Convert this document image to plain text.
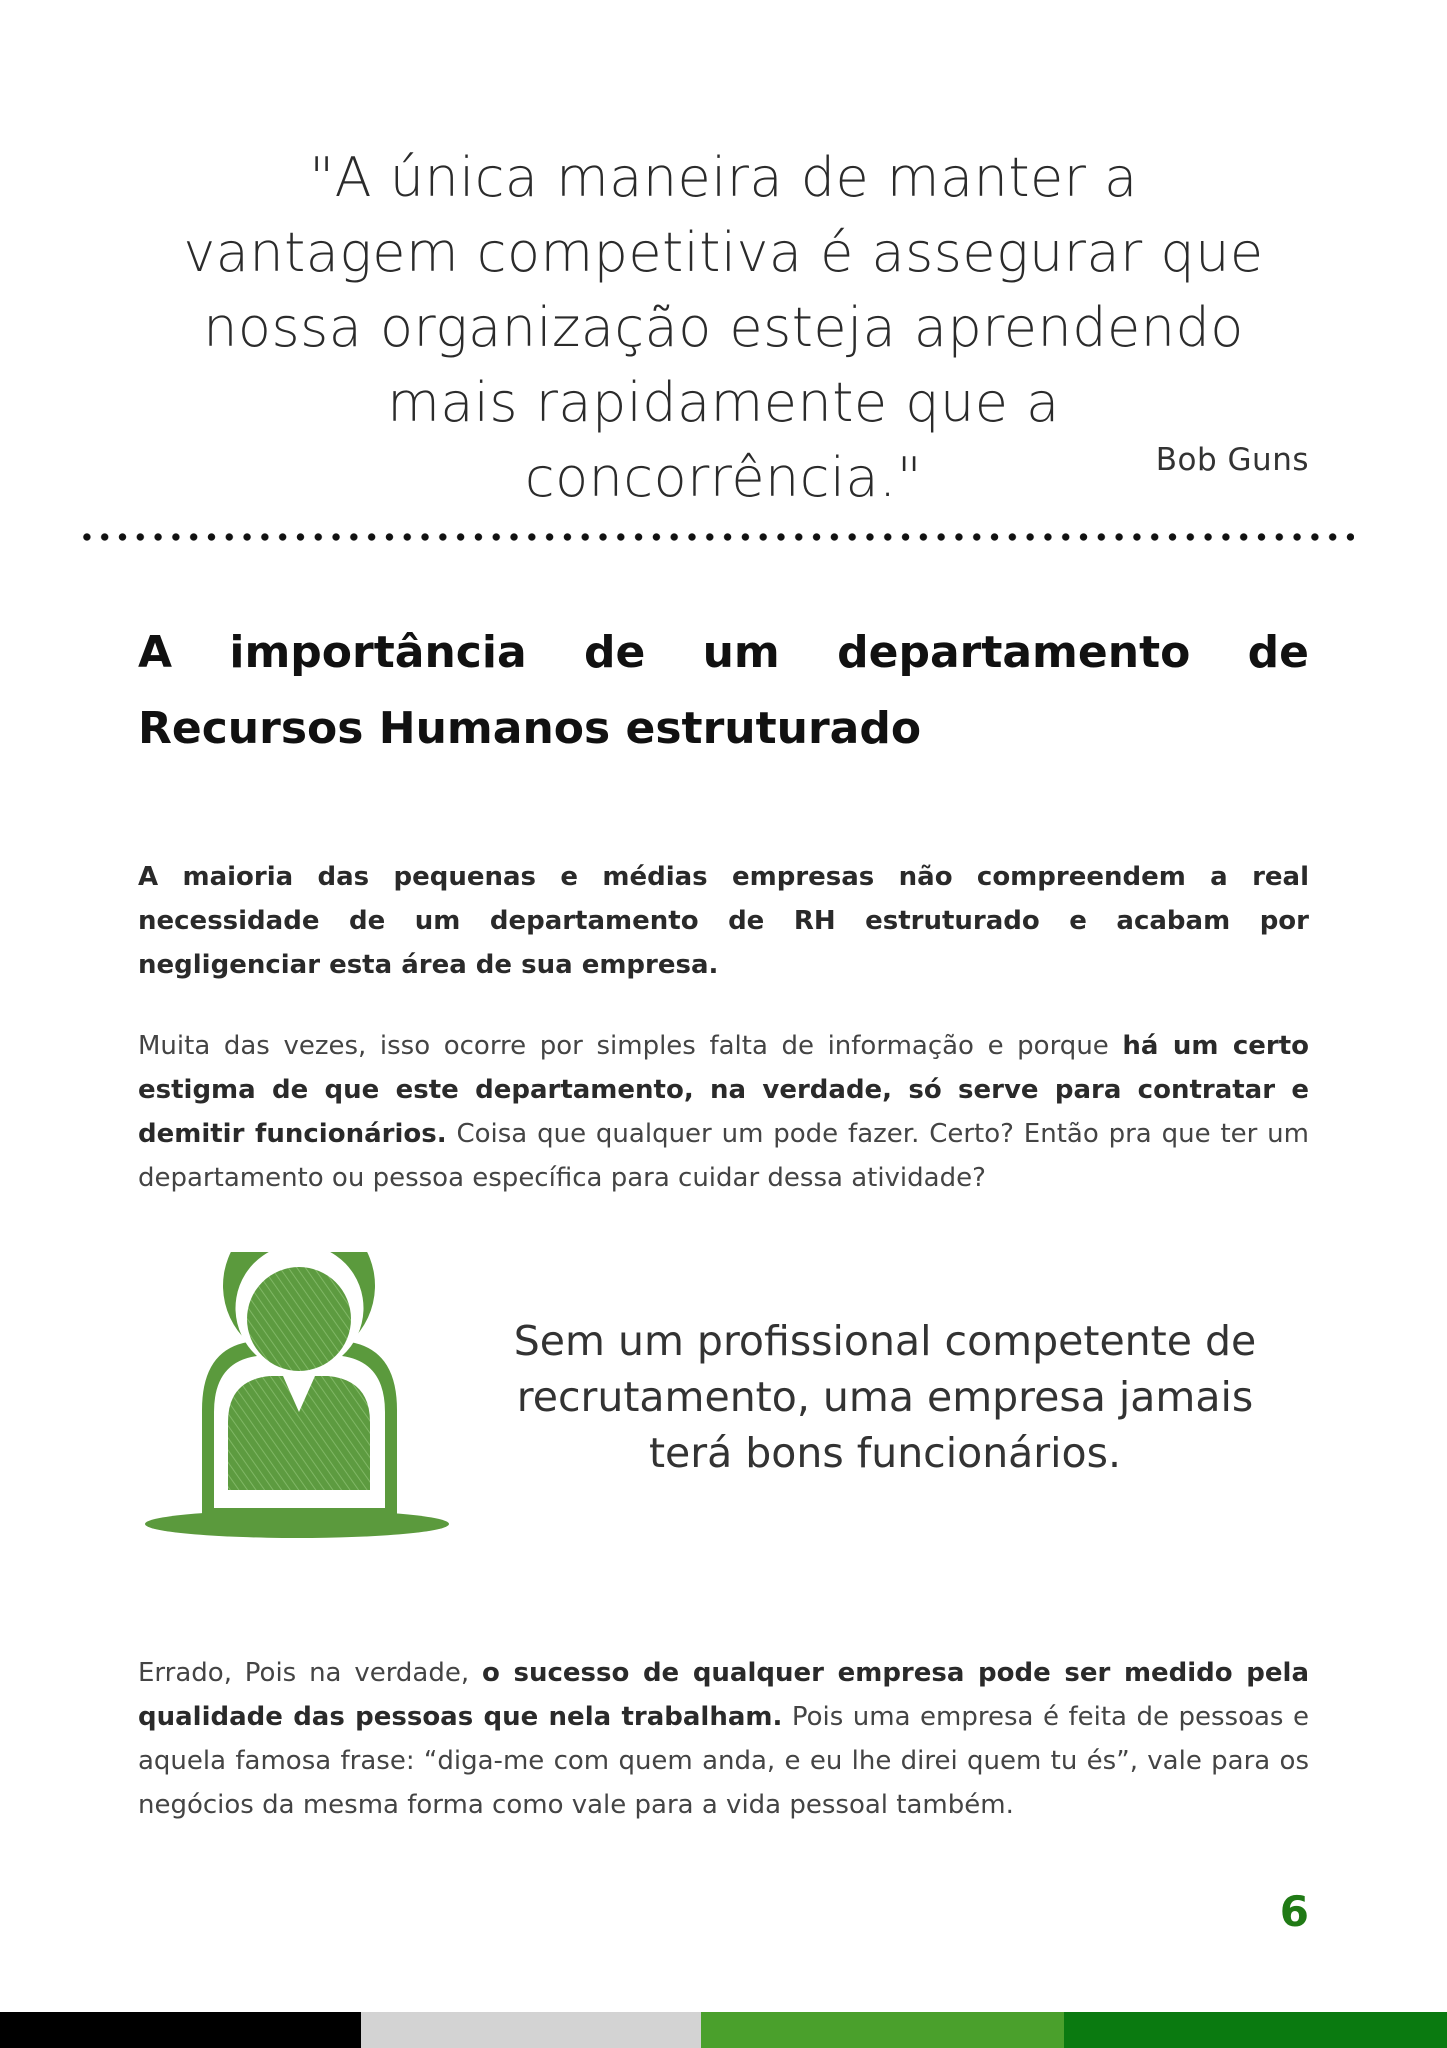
"A única maneira de manter a vantagem competitiva é assegurar que nossa organização esteja aprendendo mais rapidamente que a concorrência."	Bob Guns
A importância de um departamento de Recursos Humanos estruturado

A maioria das pequenas e médias empresas não compreendem a real necessidade de um departamento de RH estruturado e acabam por negligenciar esta área de sua empresa.

Muita das vezes, isso ocorre por simples falta de informação e porque há um certo estigma de que este departamento, na verdade, só serve para contratar e demitir funcionários. Coisa que qualquer um pode fazer. Certo? Então pra que ter um departamento ou pessoa específica para cuidar dessa atividade?

Sem um profissional competente de recrutamento, uma empresa jamais terá bons funcionários.

Errado, Pois na verdade, o sucesso de qualquer empresa pode ser medido pela qualidade das pessoas que nela trabalham. Pois uma empresa é feita de pessoas e aquela famosa frase: “diga-me com quem anda, e eu lhe direi quem tu és”, vale para os negócios da mesma forma como vale para a vida pessoal também.

6
